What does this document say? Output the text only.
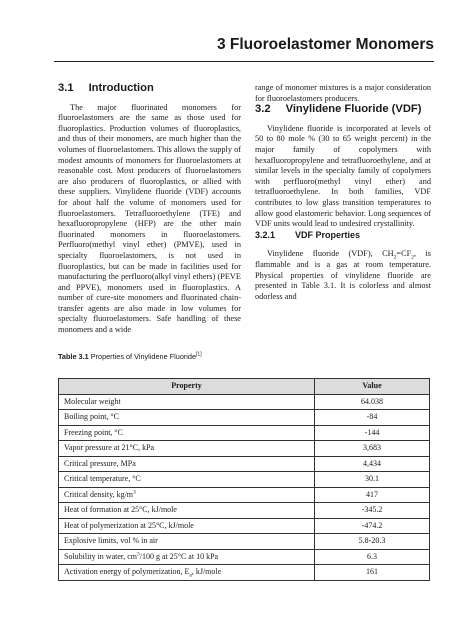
3 Fluoroelastomer Monomers
3.1 Introduction

The major fluorinated monomers for fluoroelastomers are the same as those used for fluoroplastics. Production volumes of fluoroplastics, and thus of their monomers, are much higher than the volumes of fluoroelastomers. This allows the supply of modest amounts of monomers for fluoroelastomers at reasonable cost. Most producers of fluoroelastomers are also producers of fluoroplastics, or allied with these suppliers. Vinylidene fluoride (VDF) accounts for about half the volume of monomers used for fluoroelastomers. Tetrafluoroethylene (TFE) and hexafluoropropylene (HFP) are the other main fluorinated monomers in fluoroelastomers. Perfluoro(methyl vinyl ether) (PMVE), used in specialty fluoroelastomers, is not used in fluoroplastics, but can be made in facilities used for manufacturing the perfluoro(alkyl vinyl ethers) (PEVE and PPVE), monomers used in fluoroplastics. A number of cure-site monomers and fluorinated chain-transfer agents are also made in low volumes for specialty fluoroelastomers. Safe handling of these monomers and a wide

range of monomer mixtures is a major consideration for fluoroelastomers producers.

3.2 Vinylidene Fluoride (VDF)

Vinylidene fluoride is incorporated at levels of 50 to 80 mole % (30 to 65 weight percent) in the major family of copolymers with hexafluoropropylene and tetrafluoroethylene, and at similar levels in the specialty family of copolymers with perfluoro(methyl vinyl ether) and tetrafluoroethylene. In both families, VDF contributes to low glass transition temperatures to allow good elastomeric behavior. Long sequences of VDF units would lead to undesired crystallinity.

3.2.1 VDF Properties

Vinylidene fluoride (VDF), $CH_2=CF_2$, is flammable and is a gas at room temperature. Physical properties of vinylidene fluoride are presented in Table 3.1. It is colorless and almost odorless and

Table 3.1 Properties of Vinylidene Fluoride[1]

Property	Value
Molecular weight	64.038
Boiling point, °C	-84
Freezing point, °C	-144
Vapor pressure at 21°C, kPa	3,683
Critical pressure, MPa	4,434
Critical temperature, °C	30.1
Critical density, $kg/m^3$	417
Heat of formation at 25°C, kJ/mole	-345.2
Heat of polymerization at 25°C, kJ/mole	-474.2
Explosive limits, vol % in air	5.8-20.3
Solubility in water, $cm^3/100$ g at 25°C at 10 kPa	6.3
Activation energy of polymerization, $E_a$, kJ/mole	161
